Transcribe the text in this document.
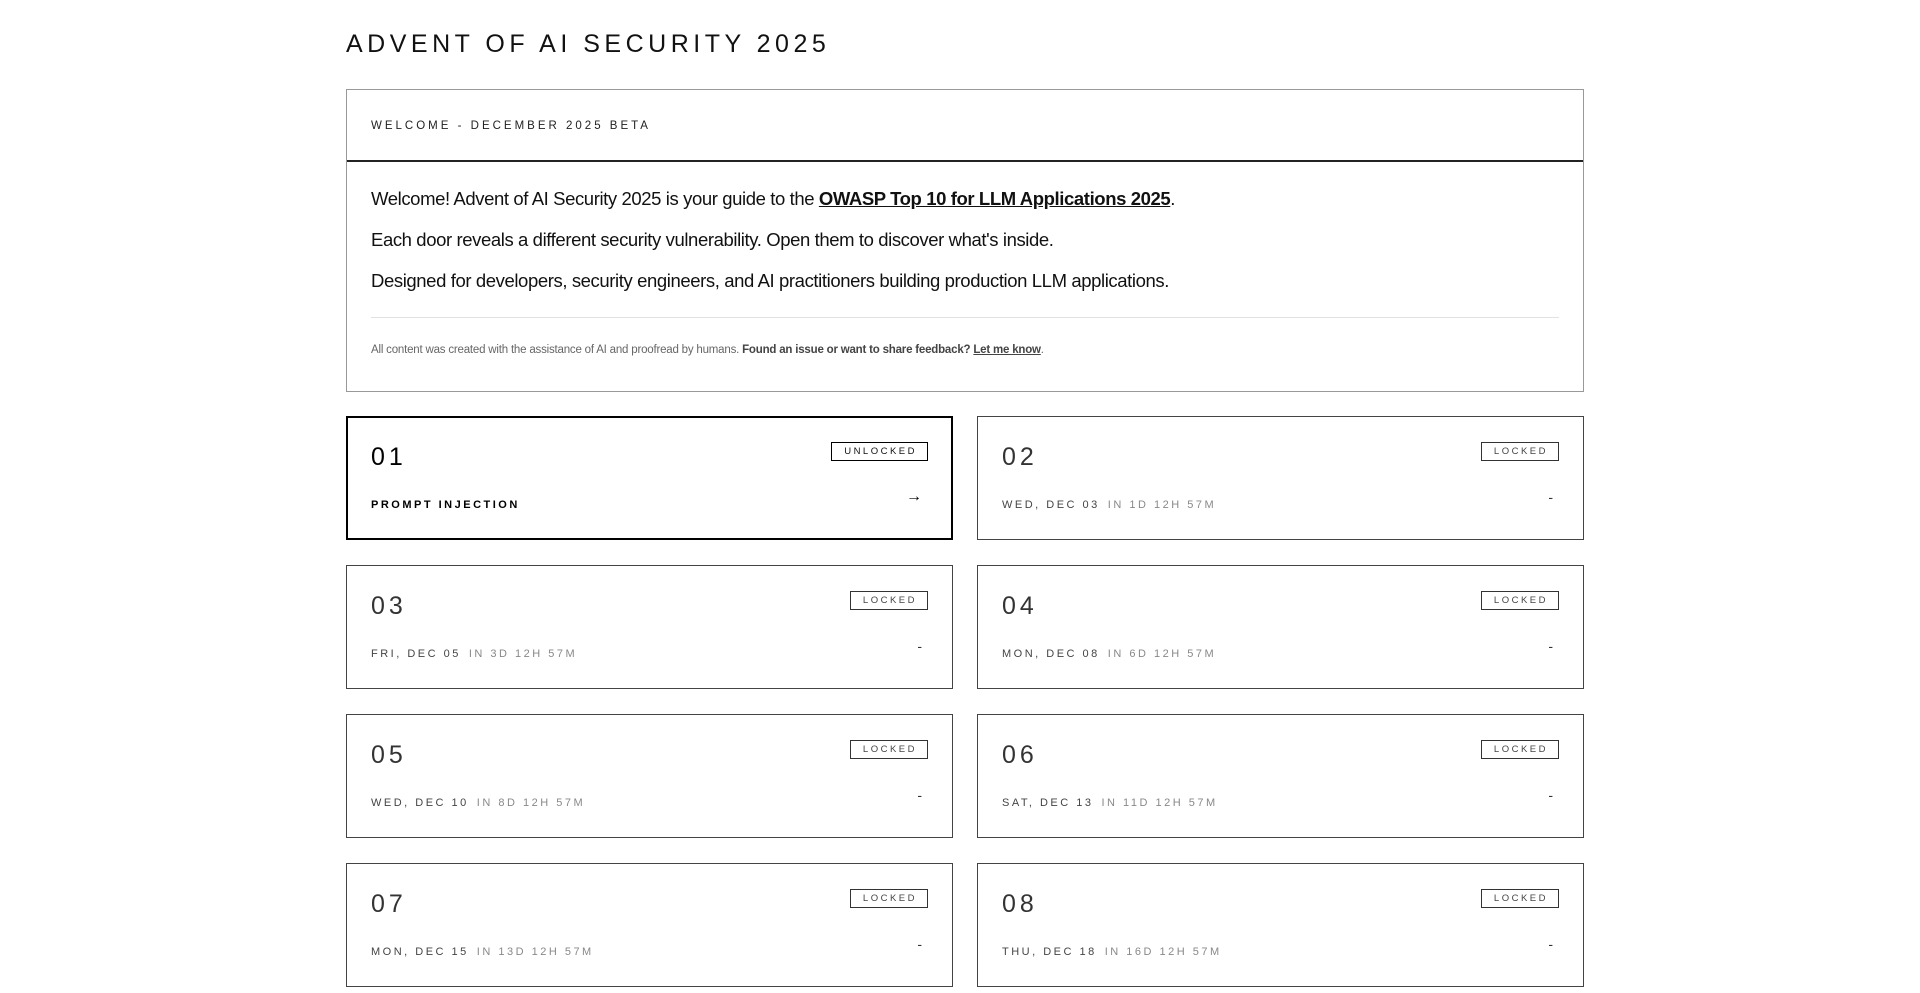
ADVENT OF AI SECURITY 2025
WELCOME - DECEMBER 2025 BETA

Welcome! Advent of AI Security 2025 is your guide to the OWASP Top 10 for LLM Applications 2025.

Each door reveals a different security vulnerability. Open them to discover what's inside.

Designed for developers, security engineers, and AI practitioners building production LLM applications.

All content was created with the assistance of AI and proofread by humans. Found an issue or want to share feedback? Let me know.
01	UNLOCKED
PROMPT INJECTION	→
02	LOCKED
WED, DEC 03 IN 1D 12H 57M	-
03	LOCKED
FRI, DEC 05 IN 3D 12H 57M	-
04	LOCKED
MON, DEC 08 IN 6D 12H 57M	-
05	LOCKED
WED, DEC 10 IN 8D 12H 57M	-
06	LOCKED
SAT, DEC 13 IN 11D 12H 57M	-
07	LOCKED
MON, DEC 15 IN 13D 12H 57M	-
08	LOCKED
THU, DEC 18 IN 16D 12H 57M	-
